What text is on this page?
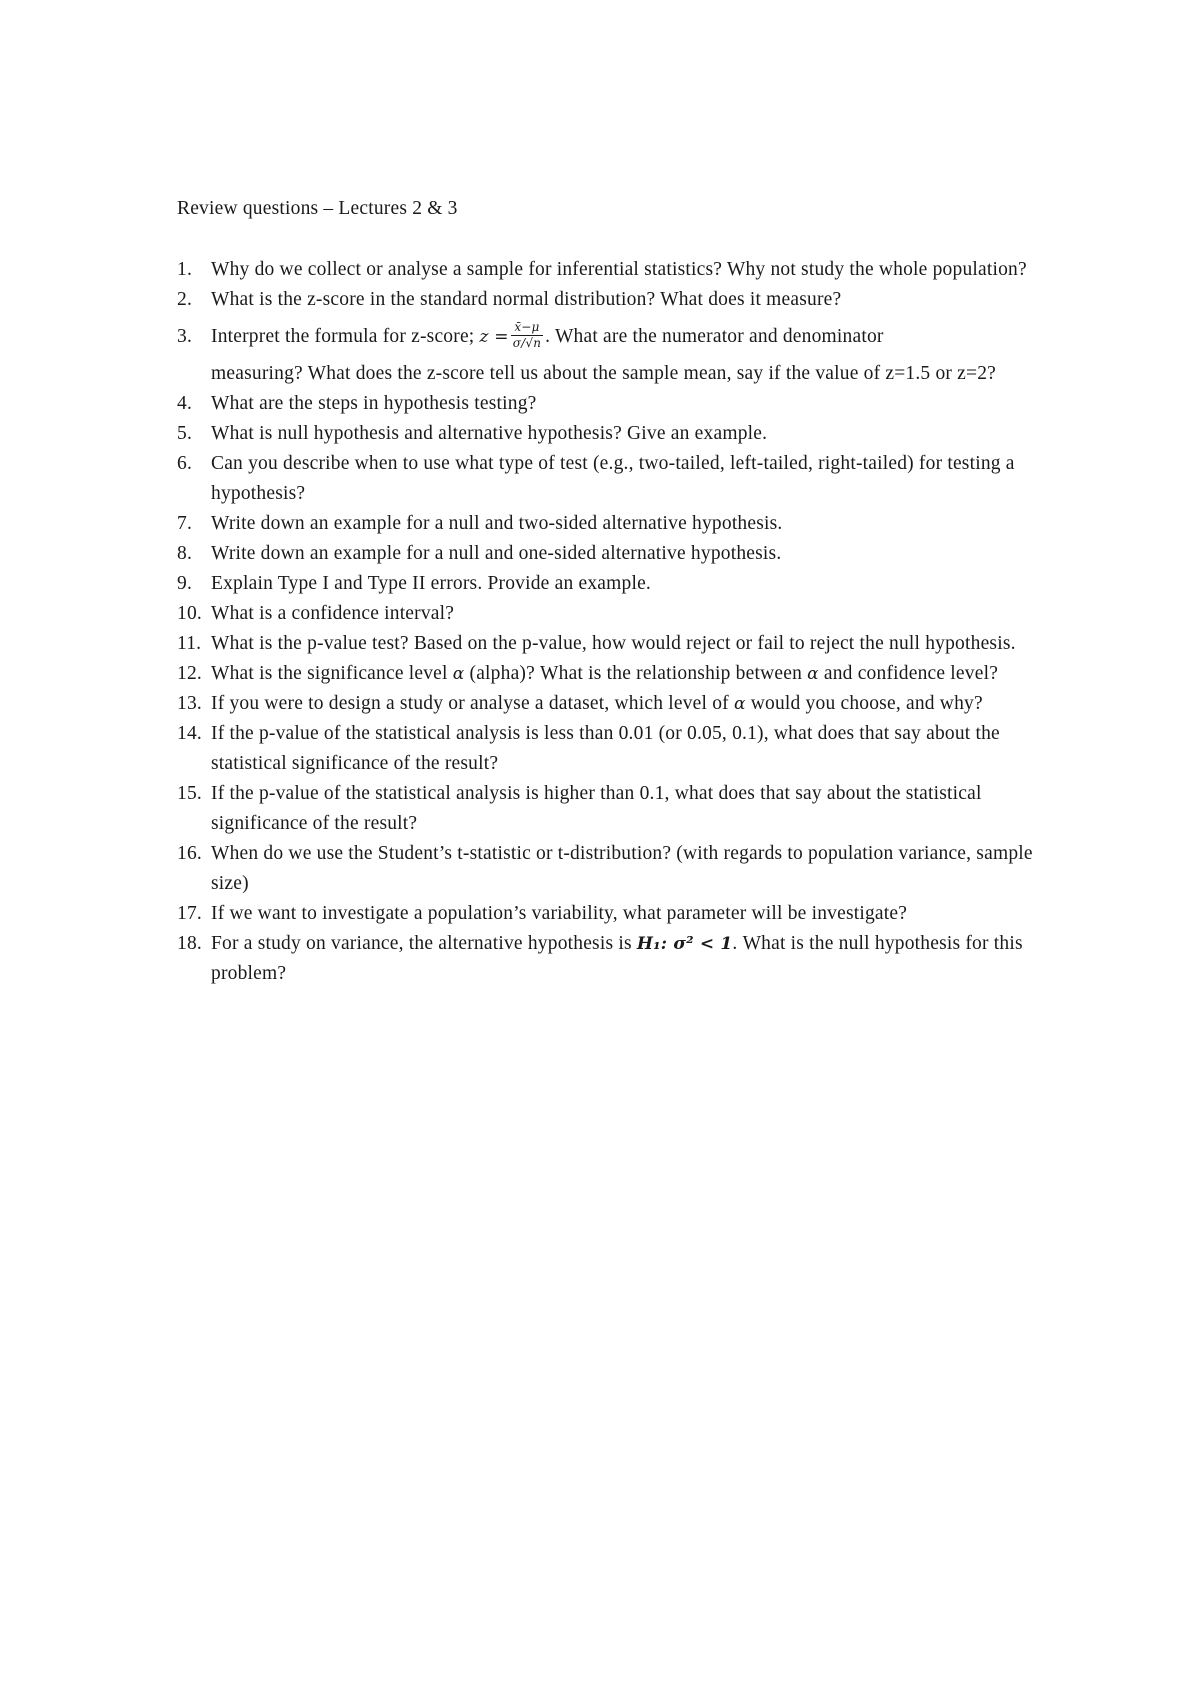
Review questions – Lectures 2 & 3
1. Why do we collect or analyse a sample for inferential statistics? Why not study the whole population?
2. What is the z-score in the standard normal distribution? What does it measure?
3. Interpret the formula for z-score; $z = \frac{x̄-\mu}{\sigma/√n}$ . What are the numerator and denominator
measuring? What does the z-score tell us about the sample mean, say if the value of z=1.5 or z=2?
4. What are the steps in hypothesis testing?
5. What is null hypothesis and alternative hypothesis? Give an example.
6. Can you describe when to use what type of test (e.g., two-tailed, left-tailed, right-tailed) for testing a hypothesis?
7. Write down an example for a null and two-sided alternative hypothesis.
8. Write down an example for a null and one-sided alternative hypothesis.
9. Explain Type I and Type II errors. Provide an example.
10. What is a confidence interval?
11. What is the p-value test? Based on the p-value, how would reject or fail to reject the null hypothesis.
12. What is the significance level α (alpha)? What is the relationship between α and confidence level?
13. If you were to design a study or analyse a dataset, which level of α would you choose, and why?
14. If the p-value of the statistical analysis is less than 0.01 (or 0.05, 0.1), what does that say about the statistical significance of the result?
15. If the p-value of the statistical analysis is higher than 0.1, what does that say about the statistical significance of the result?
16. When do we use the Student’s t-statistic or t-distribution? (with regards to population variance, sample size)
17. If we want to investigate a population’s variability, what parameter will be investigate?
18. For a study on variance, the alternative hypothesis is H₁: σ² < 1. What is the null hypothesis for this problem?
